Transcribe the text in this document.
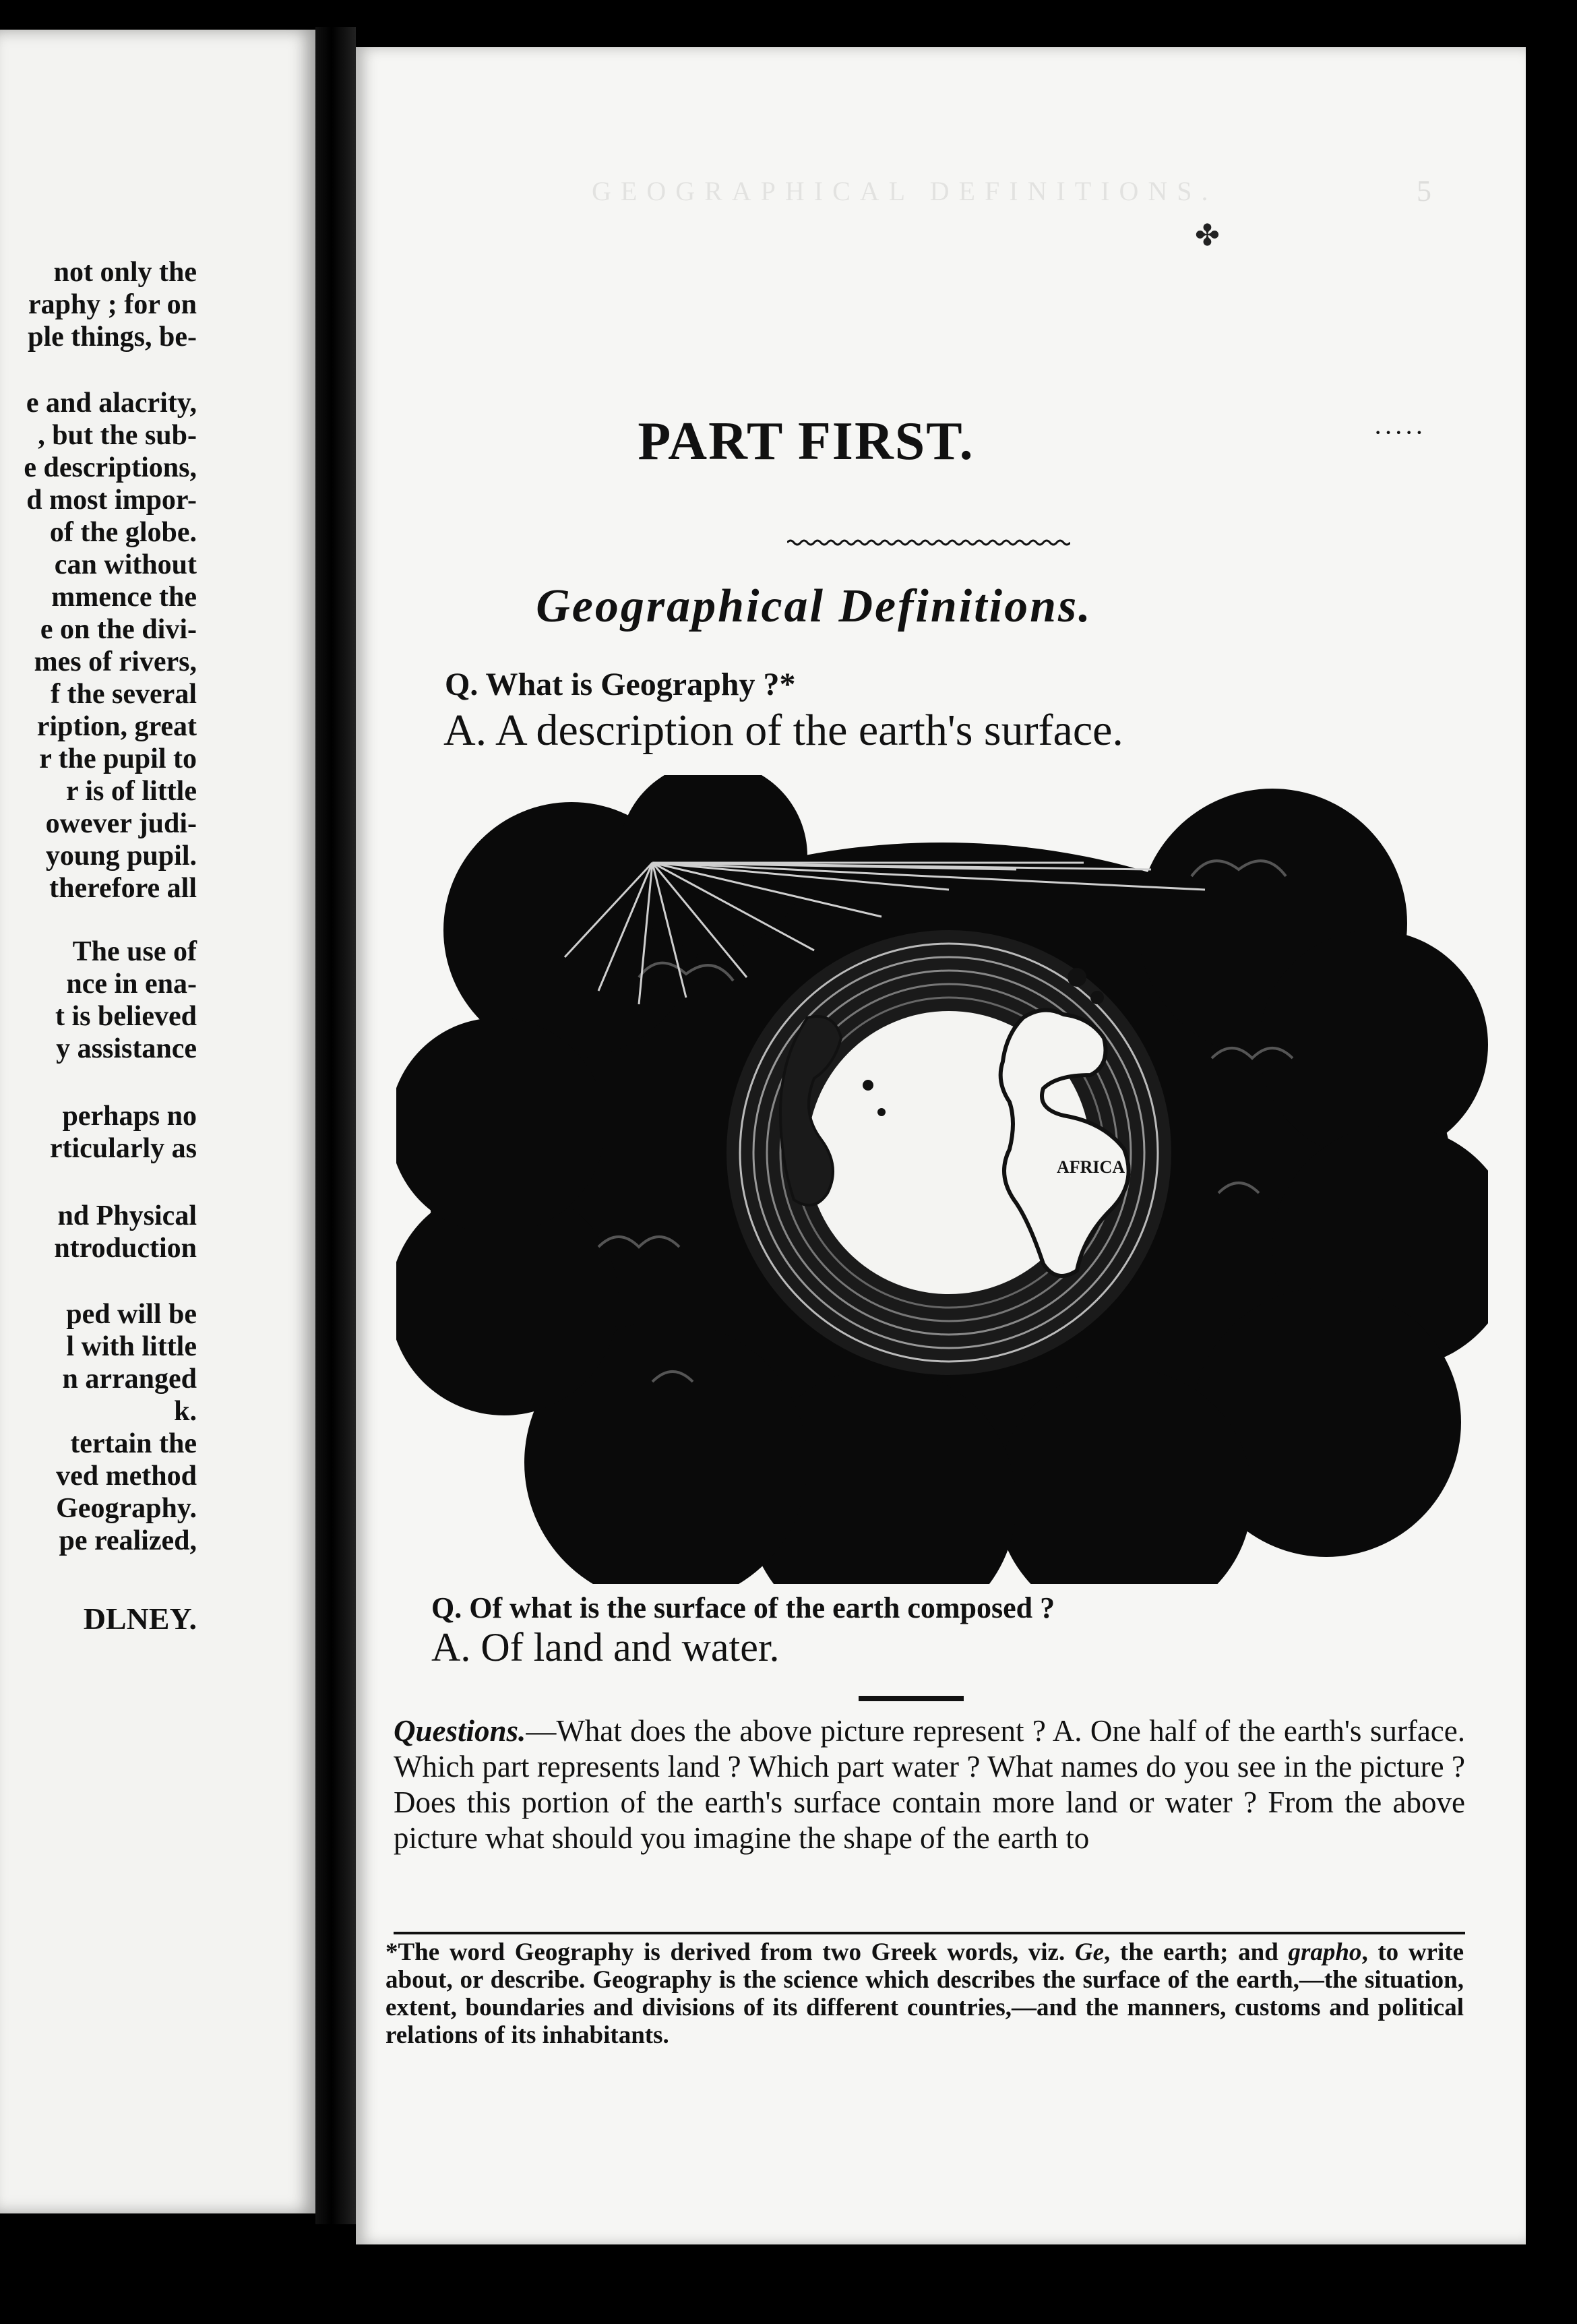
not only the
raphy ; for on
ple things, be-
e and alacrity,
, but the sub-
e descriptions,
d most impor-
of the globe.
can without
mmence the
e on the divi-
mes of rivers,
f the several
ription, great
r the pupil to
r is of little
owever judi-
young pupil.
therefore all
The use of
nce in ena-
t is believed
y assistance
perhaps no
rticularly as
nd Physical
ntroduction
ped will be
l with little
n arranged
k.
tertain the
ved method
Geography.
pe realized,
DLNEY.
GEOGRAPHICAL DEFINITIONS.	5
✤
PART FIRST.	·····
Geographical Definitions.
Q. What is Geography ?*
A. A description of the earth's surface.
AFRICA
Q. Of what is the surface of the earth composed ?
A. Of land and water.
Questions.—What does the above picture represent ? A. One half of the earth's surface. Which part represents land ? Which part water ? What names do you see in the picture ? Does this portion of the earth's surface contain more land or water ? From the above picture what should you imagine the shape of the earth to
*The word Geography is derived from two Greek words, viz. Ge, the earth; and grapho, to write about, or describe. Geography is the science which describes the surface of the earth,—the situation, extent, boundaries and divisions of its different countries,—and the manners, customs and political relations of its inhabitants.
